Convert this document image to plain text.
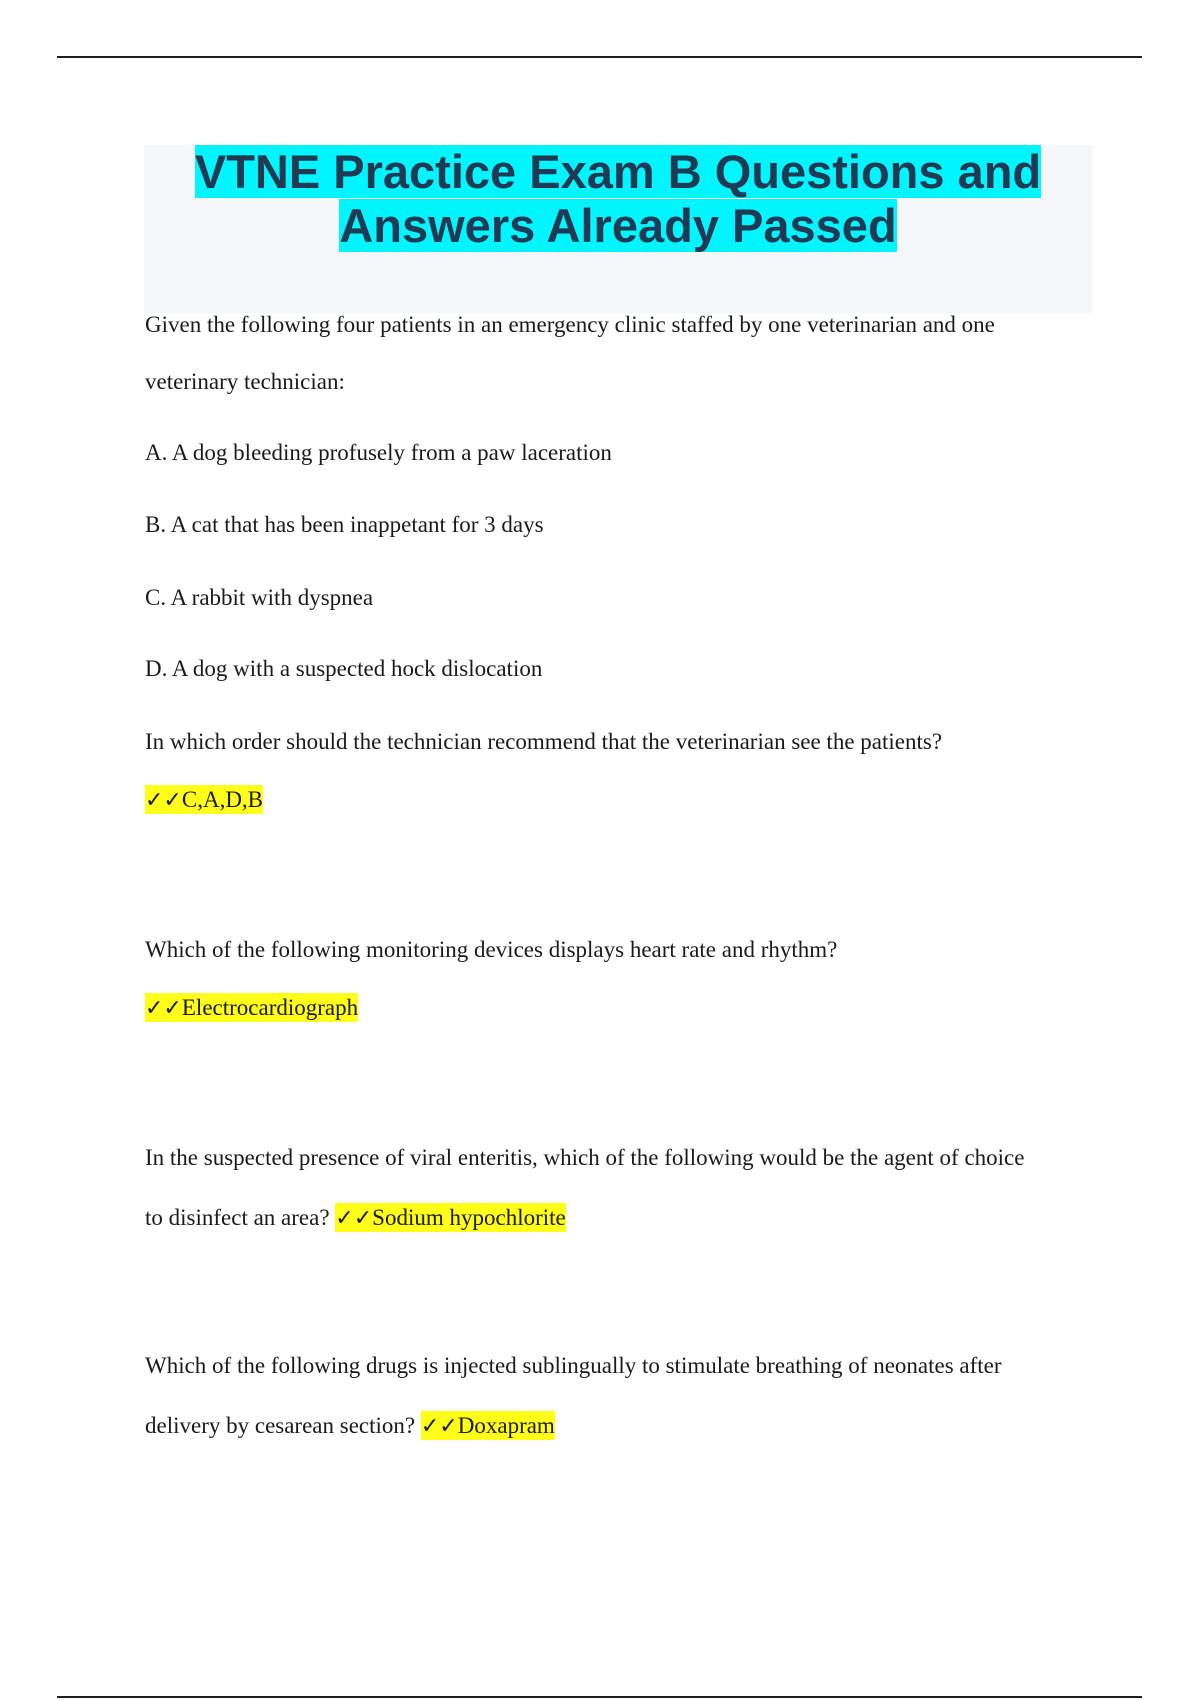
VTNE Practice Exam B Questions and
Answers Already Passed

Given the following four patients in an emergency clinic staffed by one veterinarian and one

veterinary technician:

A. A dog bleeding profusely from a paw laceration

B. A cat that has been inappetant for 3 days

C. A rabbit with dyspnea

D. A dog with a suspected hock dislocation

In which order should the technician recommend that the veterinarian see the patients?

✓✓C,A,D,B

Which of the following monitoring devices displays heart rate and rhythm?

✓✓Electrocardiograph

In the suspected presence of viral enteritis, which of the following would be the agent of choice

to disinfect an area? ✓✓Sodium hypochlorite

Which of the following drugs is injected sublingually to stimulate breathing of neonates after

delivery by cesarean section? ✓✓Doxapram
